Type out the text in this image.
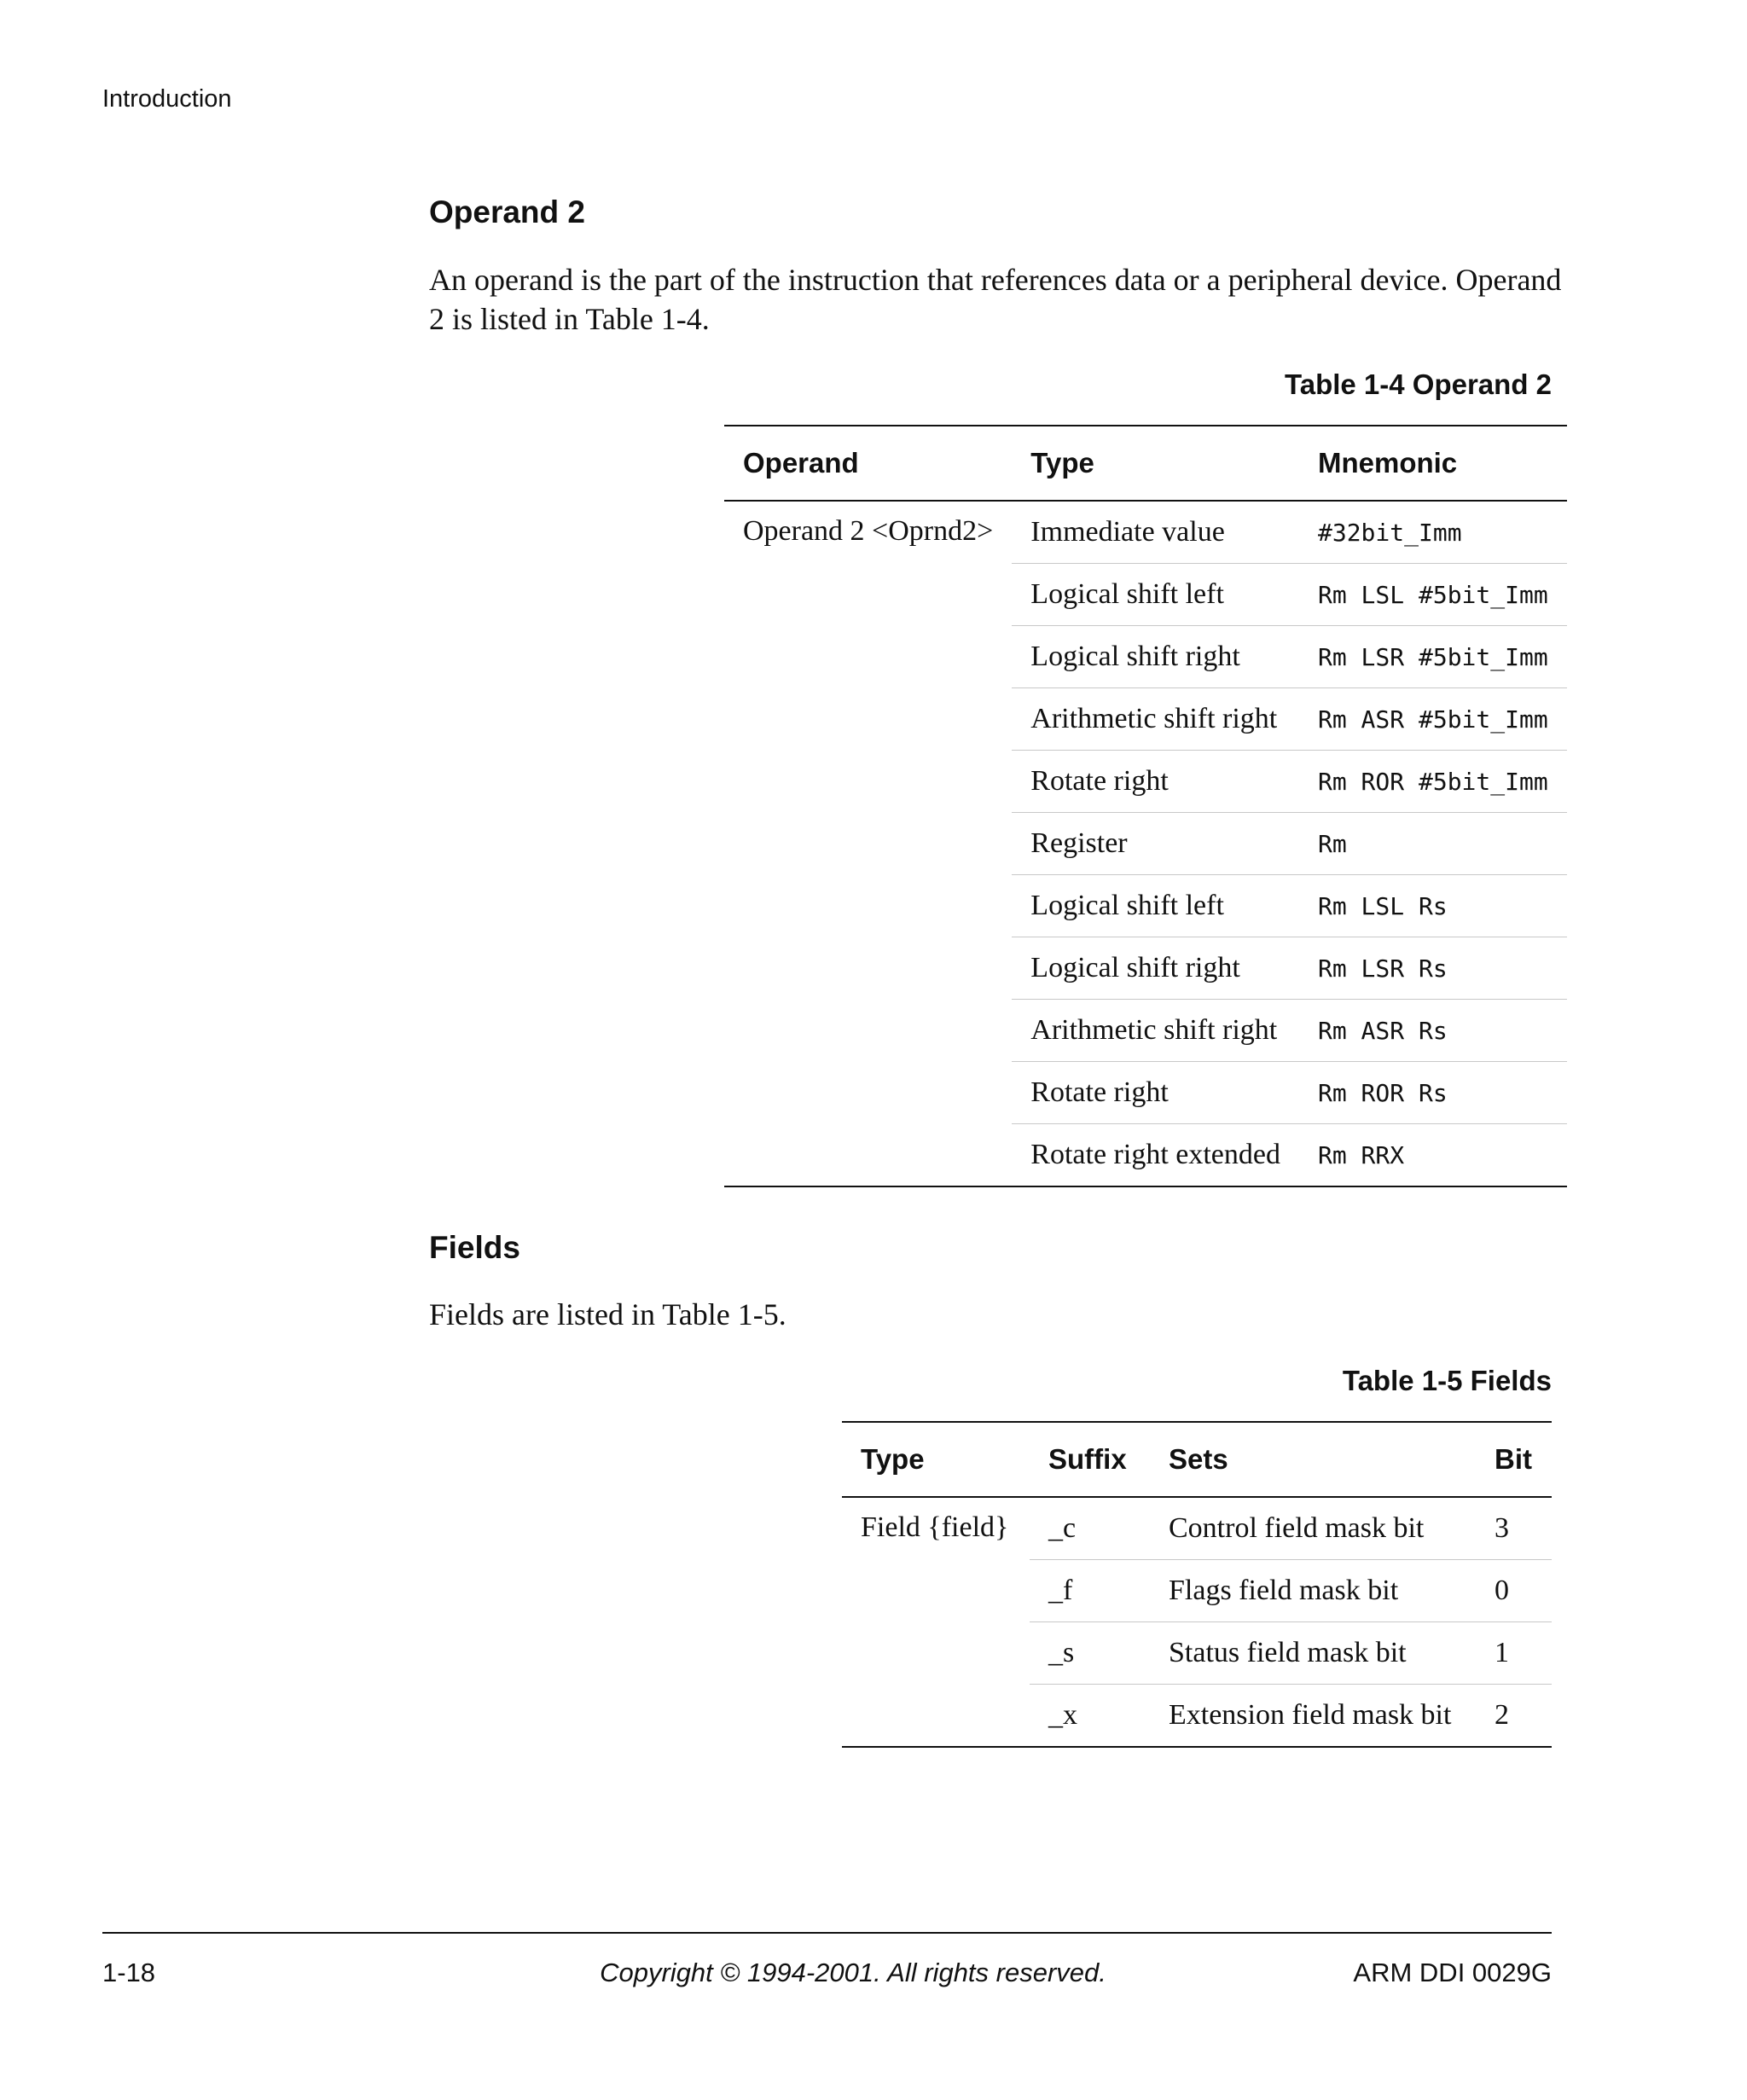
Introduction
Operand 2
An operand is the part of the instruction that references data or a peripheral device. Operand 2 is listed in Table 1-4.
Table 1-4 Operand 2
Operand	Type	Mnemonic
Operand 2 <Oprnd2>	Immediate value	#32bit_Imm
	Logical shift left	Rm LSL #5bit_Imm
	Logical shift right	Rm LSR #5bit_Imm
	Arithmetic shift right	Rm ASR #5bit_Imm
	Rotate right	Rm ROR #5bit_Imm
	Register	Rm
	Logical shift left	Rm LSL Rs
	Logical shift right	Rm LSR Rs
	Arithmetic shift right	Rm ASR Rs
	Rotate right	Rm ROR Rs
	Rotate right extended	Rm RRX
Fields
Fields are listed in Table 1-5.
Table 1-5 Fields
Type	Suffix	Sets	Bit
Field {field}	_c	Control field mask bit	3
	_f	Flags field mask bit	0
	_s	Status field mask bit	1
	_x	Extension field mask bit	2
1-18	Copyright © 1994-2001. All rights reserved.	ARM DDI 0029G
